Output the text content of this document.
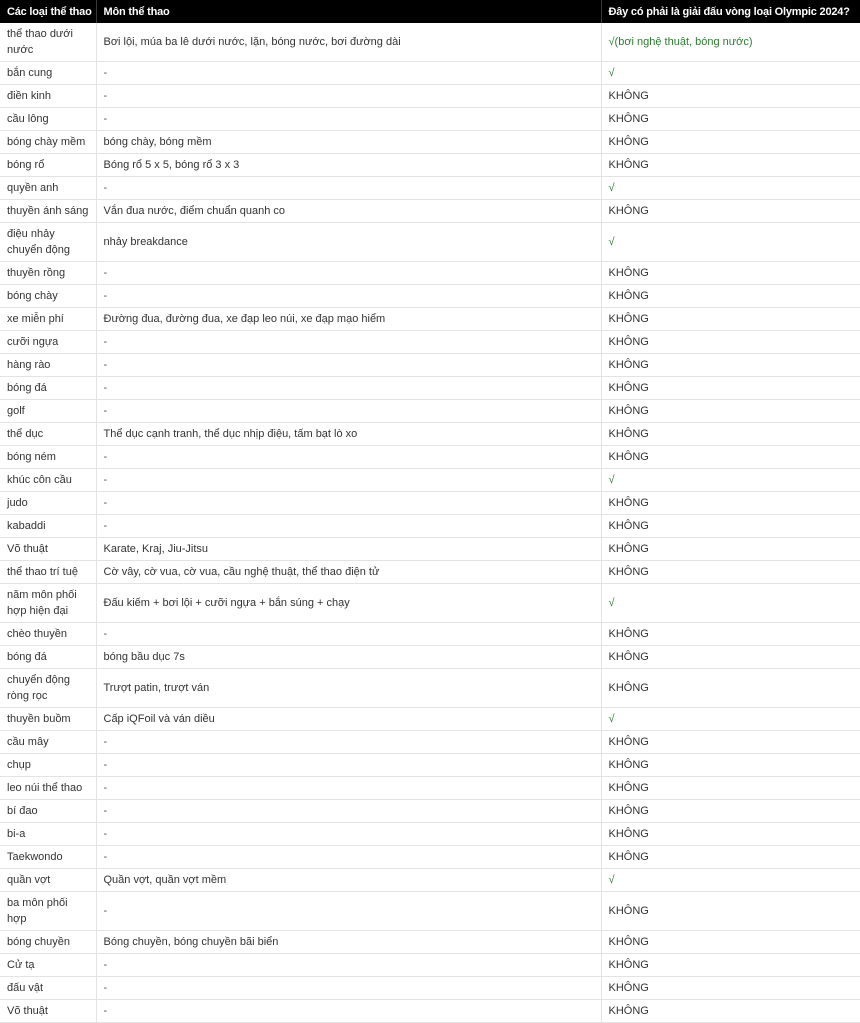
Các loại thể thao	Môn thể thao	Đây có phải là giải đấu vòng loại Olympic 2024?
thể thao dưới nước	Bơi lội, múa ba lê dưới nước, lặn, bóng nước, bơi đường dài	√(bơi nghệ thuật, bóng nước)
bắn cung	-	√
điền kinh	-	KHÔNG
cầu lông	-	KHÔNG
bóng chày mềm	bóng chày, bóng mềm	KHÔNG
bóng rổ	Bóng rổ 5 x 5, bóng rổ 3 x 3	KHÔNG
quyền anh	-	√
thuyền ánh sáng	Vắn đua nước, điểm chuẩn quanh co	KHÔNG
điệu nhảy chuyển động	nhảy breakdance	√
thuyền rồng	-	KHÔNG
bóng chày	-	KHÔNG
xe miễn phí	Đường đua, đường đua, xe đạp leo núi, xe đạp mạo hiểm	KHÔNG
cưỡi ngựa	-	KHÔNG
hàng rào	-	KHÔNG
bóng đá	-	KHÔNG
golf	-	KHÔNG
thể dục	Thể dục cạnh tranh, thể dục nhịp điệu, tấm bạt lò xo	KHÔNG
bóng ném	-	KHÔNG
khúc côn cầu	-	√
judo	-	KHÔNG
kabaddi	-	KHÔNG
Võ thuật	Karate, Kraj, Jiu-Jitsu	KHÔNG
thể thao trí tuệ	Cờ vây, cờ vua, cờ vua, cầu nghệ thuật, thể thao điện tử	KHÔNG
năm môn phối hợp hiện đại	Đấu kiếm + bơi lội + cưỡi ngựa + bắn súng + chạy	√
chèo thuyền	-	KHÔNG
bóng đá	bóng bầu dục 7s	KHÔNG
chuyển động ròng rọc	Trượt patin, trượt ván	KHÔNG
thuyền buồm	Cấp iQFoil và ván diều	√
cầu mây	-	KHÔNG
chụp	-	KHÔNG
leo núi thể thao	-	KHÔNG
bí đao	-	KHÔNG
bi-a	-	KHÔNG
Taekwondo	-	KHÔNG
quần vợt	Quần vợt, quần vợt mềm	√
ba môn phối hợp	-	KHÔNG
bóng chuyền	Bóng chuyền, bóng chuyền bãi biển	KHÔNG
Cử tạ	-	KHÔNG
đấu vật	-	KHÔNG
Võ thuật	-	KHÔNG
